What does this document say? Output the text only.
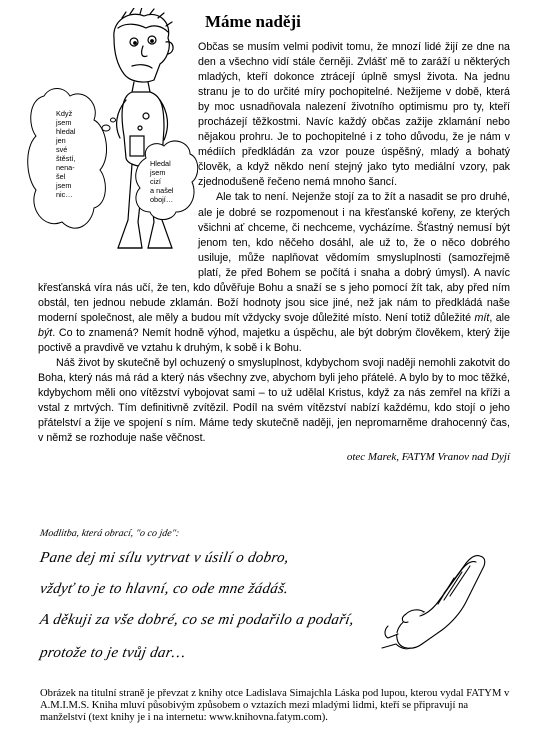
Když
jsem
hledal
jen
své
štěstí,
nena-
šel
jsem
nic…
Hledal
jsem
cizí
a našel
obojí…
Máme naději

Občas se musím velmi podivit tomu, že mnozí lidé žijí ze dne na den a všechno vidí stále černěji. Zvlášť mě to zaráží u některých mladých, kteří dokonce ztrácejí úplně smysl života. Na jednu stranu je to do určité míry pochopitelné. Nežijeme v době, která by moc usnadňovala nalezení životního optimismu pro ty, kteří procházejí těžkostmi. Navíc každý občas zažije zklamání nebo nějakou prohru. Je to pochopitelné i z toho důvodu, že je nám v médiích předkládán za vzor pouze úspěšný, mladý a bohatý člověk, a když někdo není stejný jako tyto mediální vzory, pak zjednodušeně řečeno nemá mnoho šancí.

Ale tak to není. Nejenže stojí za to žít a nasadit se pro druhé, ale je dobré se rozpomenout i na křesťanské kořeny, ze kterých všichni ať chceme, či nechceme, vycházíme. Šťastný nemusí být jenom ten, kdo něčeho dosáhl, ale už to, že o něco dobrého usiluje, může naplňovat vědomím smysluplnosti (samozřejmě platí, že před Bohem se počítá i snaha a dobrý úmysl). A navíc křesťanská víra nás učí, že ten, kdo důvěřuje Bohu a snaží se s jeho pomocí žít tak, aby před ním obstál, ten jednou nebude zklamán. Boží hodnoty jsou sice jiné, než jak nám to předkládá naše moderní společnost, ale měly a budou mít vždycky svoje důležité místo. Není totiž důležité mít, ale být. Co to znamená? Nemít hodně výhod, majetku a úspěchu, ale být dobrým člověkem, který žije poctivě a pravdivě ve vztahu k druhým, k sobě i k Bohu.

Náš život by skutečně byl ochuzený o smysluplnost, kdybychom svoji naději nemohli zakotvit do Boha, který nás má rád a který nás všechny zve, abychom byli jeho přátelé. A bylo by to moc těžké, kdybychom měli ono vítězství vybojovat sami – to už udělal Kristus, když za nás zemřel na kříži a vstal z mrtvých. Tím definitivně zvítězil. Podíl na svém vítězství nabízí každému, kdo stojí o jeho přátelství a žije ve spojení s ním. Máme tedy skutečně naději, jen nepromarněme drahocenný čas, v němž se rozhoduje naše věčnost.

otec Marek, FATYM Vranov nad Dyjí

Modlitba, která obrací, "o co jde":
Pane dej mi sílu vytrvat v úsilí o dobro,
vždyť to je to hlavní, co ode mne žádáš.
A děkuji za vše dobré, co se mi podařilo a podaří,
protože to je tvůj dar…
Obrázek na titulní straně je převzat z knihy otce Ladislava Simajchla Láska pod lupou, kterou vydal FATYM v A.M.I.M.S. Kniha mluví působivým způsobem o vztazích mezi mladými lidmi, kteří se připravují na manželství (text knihy je i na internetu: www.knihovna.fatym.com).
